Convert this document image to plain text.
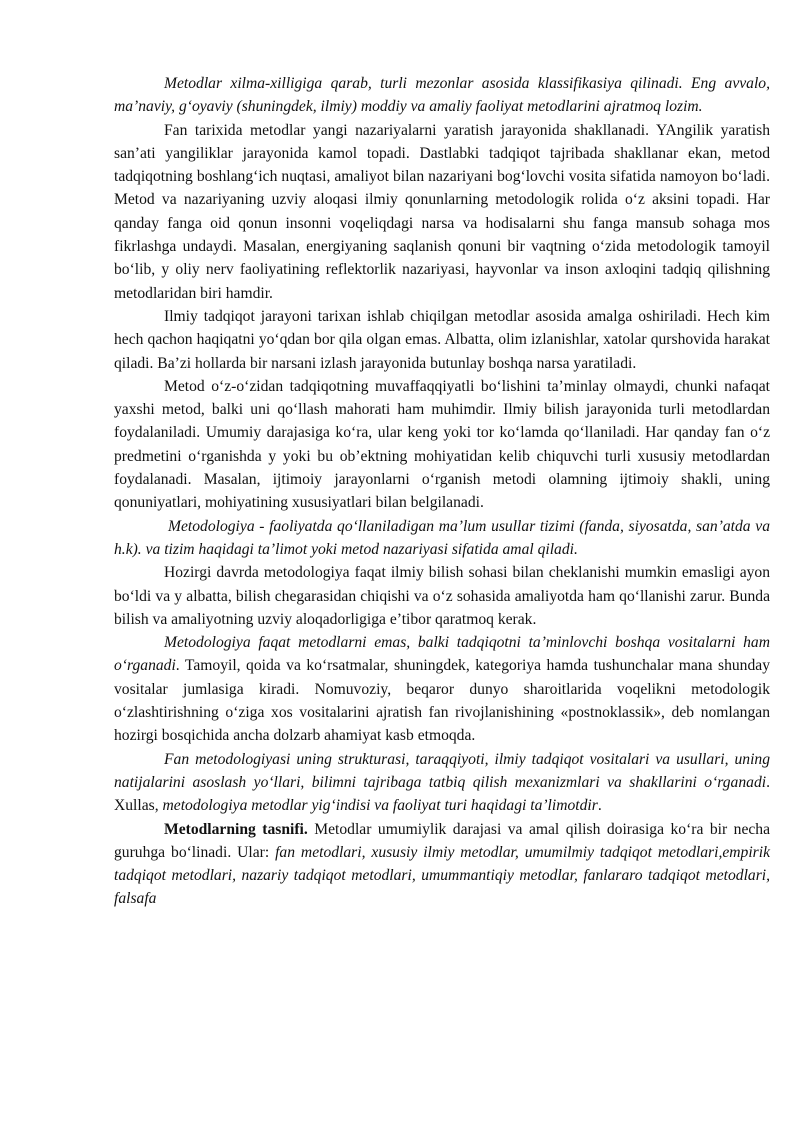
Metodlar xilma-xilligiga qarab, turli mezonlar asosida klassifikasiya qilinadi. Eng avvalo, ma’naviy, g‘oyaviy (shuningdek, ilmiy) moddiy va amaliy faoliyat metodlarini ajratmoq lozim.

Fan tarixida metodlar yangi nazariyalarni yaratish jarayonida shakllanadi. YAngilik yaratish san’ati yangiliklar jarayonida kamol topadi. Dastlabki tadqiqot tajribada shakllanar ekan, metod tadqiqotning boshlang‘ich nuqtasi, amaliyot bilan nazariyani bog‘lovchi vosita sifatida namoyon bo‘ladi. Metod va nazariyaning uzviy aloqasi ilmiy qonunlarning metodologik rolida o‘z aksini topadi. Har qanday fanga oid qonun insonni voqeliqdagi narsa va hodisalarni shu fanga mansub sohaga mos fikrlashga undaydi. Masalan, energiyaning saqlanish qonuni bir vaqtning o‘zida metodologik tamoyil bo‘lib, y oliy nerv faoliyatining reflektorlik nazariyasi, hayvonlar va inson axloqini tadqiq qilishning metodlaridan biri hamdir.

Ilmiy tadqiqot jarayoni tarixan ishlab chiqilgan metodlar asosida amalga oshiriladi. Hech kim hech qachon haqiqatni yo‘qdan bor qila olgan emas. Albatta, olim izlanishlar, xatolar qurshovida harakat qiladi. Ba’zi hollarda bir narsani izlash jarayonida butunlay boshqa narsa yaratiladi.

Metod o‘z-o‘zidan tadqiqotning muvaffaqqiyatli bo‘lishini ta’minlay olmaydi, chunki nafaqat yaxshi metod, balki uni qo‘llash mahorati ham muhimdir. Ilmiy bilish jarayonida turli metodlardan foydalaniladi. Umumiy darajasiga ko‘ra, ular keng yoki tor ko‘lamda qo‘llaniladi. Har qanday fan o‘z predmetini o‘rganishda y yoki bu ob’ektning mohiyatidan kelib chiquvchi turli xususiy metodlardan foydalanadi. Masalan, ijtimoiy jarayonlarni o‘rganish metodi olamning ijtimoiy shakli, uning qonuniyatlari, mohiyatining xususiyatlari bilan belgilanadi.

Metodologiya - faoliyatda qo‘llaniladigan ma’lum usullar tizimi (fanda, siyosatda, san’atda va h.k). va tizim haqidagi ta’limot yoki metod nazariyasi sifatida amal qiladi.

Hozirgi davrda metodologiya faqat ilmiy bilish sohasi bilan cheklanishi mumkin emasligi ayon bo‘ldi va y albatta, bilish chegarasidan chiqishi va o‘z sohasida amaliyotda ham qo‘llanishi zarur. Bunda bilish va amaliyotning uzviy aloqadorligiga e’tibor qaratmoq kerak.

Metodologiya faqat metodlarni emas, balki tadqiqotni ta’minlovchi boshqa vositalarni ham o‘rganadi. Tamoyil, qoida va ko‘rsatmalar, shuningdek, kategoriya hamda tushunchalar mana shunday vositalar jumlasiga kiradi. Nomuvoziy, beqaror dunyo sharoitlarida voqelikni metodologik o‘zlashtirishning o‘ziga xos vositalarini ajratish fan rivojlanishining «postnoklassik», deb nomlangan hozirgi bosqichida ancha dolzarb ahamiyat kasb etmoqda.

Fan metodologiyasi uning strukturasi, taraqqiyoti, ilmiy tadqiqot vositalari va usullari, uning natijalarini asoslash yo‘llari, bilimni tajribaga tatbiq qilish mexanizmlari va shakllarini o‘rganadi. Xullas, metodologiya metodlar yig‘indisi va faoliyat turi haqidagi ta’limotdir.

Metodlarning tasnifi. Metodlar umumiylik darajasi va amal qilish doirasiga ko‘ra bir necha guruhga bo‘linadi. Ular: fan metodlari, xususiy ilmiy metodlar, umumilmiy tadqiqot metodlari,empirik tadqiqot metodlari, nazariy tadqiqot metodlari, umummantiqiy metodlar, fanlararo tadqiqot metodlari, falsafa
